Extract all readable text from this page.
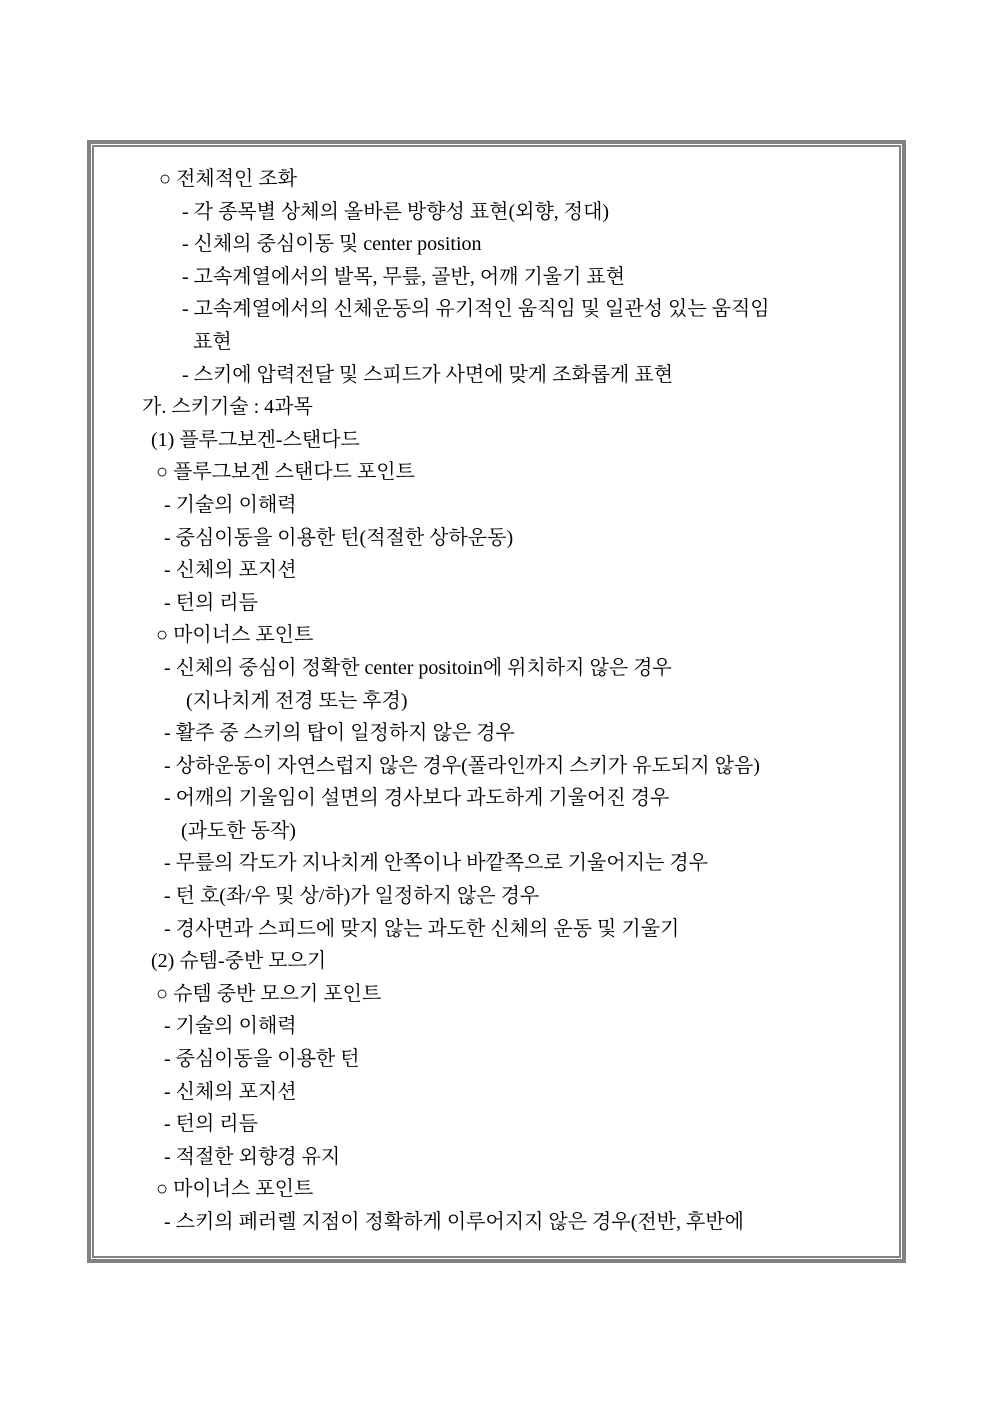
○ 전체적인 조화
- 각 종목별 상체의 올바른 방향성 표현(외향, 정대)
- 신체의 중심이동 및 center position
- 고속계열에서의 발목, 무릎, 골반, 어깨 기울기 표현
- 고속계열에서의 신체운동의 유기적인 움직임 및 일관성 있는 움직임
표현
- 스키에 압력전달 및 스피드가 사면에 맞게 조화롭게 표현
가. 스키기술 : 4과목
(1) 플루그보겐-스탠다드
○ 플루그보겐 스탠다드 포인트
- 기술의 이해력
- 중심이동을 이용한 턴(적절한 상하운동)
- 신체의 포지션
- 턴의 리듬
○ 마이너스 포인트
- 신체의 중심이 정확한 center positoin에 위치하지 않은 경우
(지나치게 전경 또는 후경)
- 활주 중 스키의 탑이 일정하지 않은 경우
- 상하운동이 자연스럽지 않은 경우(폴라인까지 스키가 유도되지 않음)
- 어깨의 기울임이 설면의 경사보다 과도하게 기울어진 경우
(과도한 동작)
- 무릎의 각도가 지나치게 안쪽이나 바깥쪽으로 기울어지는 경우
- 턴 호(좌/우 및 상/하)가 일정하지 않은 경우
- 경사면과 스피드에 맞지 않는 과도한 신체의 운동 및 기울기
(2) 슈템-중반 모으기
○ 슈템 중반 모으기 포인트
- 기술의 이해력
- 중심이동을 이용한 턴
- 신체의 포지션
- 턴의 리듬
- 적절한 외향경 유지
○ 마이너스 포인트
- 스키의 페러렐 지점이 정확하게 이루어지지 않은 경우(전반, 후반에
